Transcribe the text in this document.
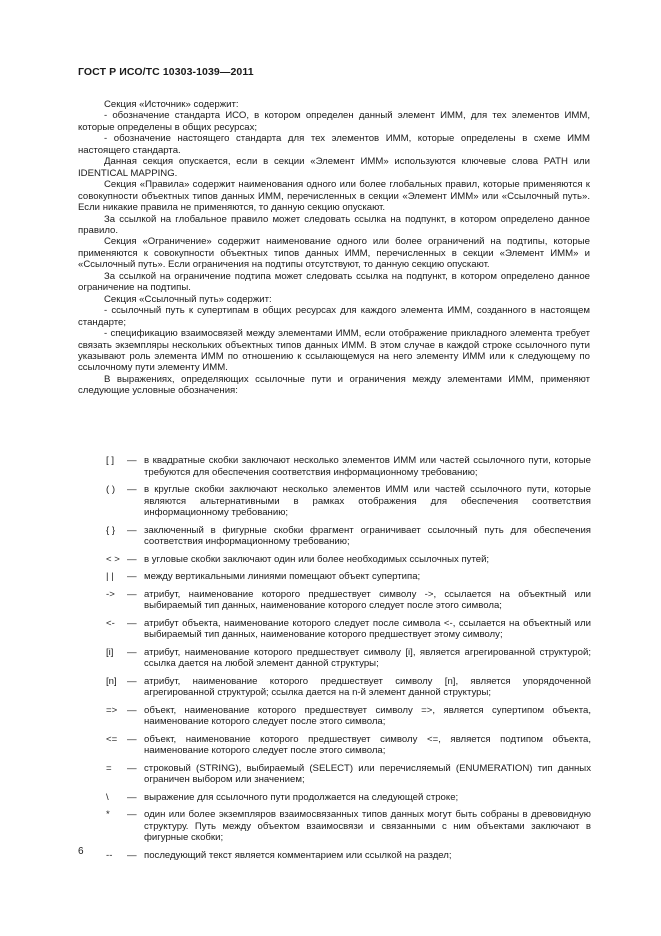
ГОСТ Р ИСО/ТС 10303-1039—2011

Секция «Источник» содержит:

- обозначение стандарта ИСО, в котором определен данный элемент ИММ, для тех элементов ИММ, которые определены в общих ресурсах;

- обозначение настоящего стандарта для тех элементов ИММ, которые определены в схеме ИММ настоящего стандарта.

Данная секция опускается, если в секции «Элемент ИММ» используются ключевые слова PATH или IDENTICAL MAPPING.

Секция «Правила» содержит наименования одного или более глобальных правил, которые применяются к совокупности объектных типов данных ИММ, перечисленных в секции «Элемент ИММ» или «Ссылочный путь». Если никакие правила не применяются, то данную секцию опускают.

За ссылкой на глобальное правило может следовать ссылка на подпункт, в котором определено данное правило.

Секция «Ограничение» содержит наименование одного или более ограничений на подтипы, которые применяются к совокупности объектных типов данных ИММ, перечисленных в секции «Элемент ИММ» и «Ссылочный путь». Если ограничения на подтипы отсутствуют, то данную секцию опускают.

За ссылкой на ограничение подтипа может следовать ссылка на подпункт, в котором определено данное ограничение на подтипы.

Секция «Ссылочный путь» содержит:

- ссылочный путь к супертипам в общих ресурсах для каждого элемента ИММ, созданного в настоящем стандарте;

- спецификацию взаимосвязей между элементами ИММ, если отображение прикладного элемента требует связать экземпляры нескольких объектных типов данных ИММ. В этом случае в каждой строке ссылочного пути указывают роль элемента ИММ по отношению к ссылающемуся на него элементу ИММ или к следующему по ссылочному пути элементу ИММ.

В выражениях, определяющих ссылочные пути и ограничения между элементами ИММ, применяют следующие условные обозначения:

[ ] — в квадратные скобки заключают несколько элементов ИММ или частей ссылочного пути, которые требуются для обеспечения соответствия информационному требованию;
( ) — в круглые скобки заключают несколько элементов ИММ или частей ссылочного пути, которые являются альтернативными в рамках отображения для обеспечения соответствия информационному требованию;
{ } — заключенный в фигурные скобки фрагмент ограничивает ссылочный путь для обеспечения соответствия информационному требованию;
< > — в угловые скобки заключают один или более необходимых ссылочных путей;
| | — между вертикальными линиями помещают объект супертипа;
-> — атрибут, наименование которого предшествует символу ->, ссылается на объектный или выбираемый тип данных, наименование которого следует после этого символа;
<- — атрибут объекта, наименование которого следует после символа <-, ссылается на объектный или выбираемый тип данных, наименование которого предшествует этому символу;
[i] — атрибут, наименование которого предшествует символу [i], является агрегированной структурой; ссылка дается на любой элемент данной структуры;
[n] — атрибут, наименование которого предшествует символу [n], является упорядоченной агрегированной структурой; ссылка дается на n-й элемент данной структуры;
=> — объект, наименование которого предшествует символу =>, является супертипом объекта, наименование которого следует после этого символа;
<= — объект, наименование которого предшествует символу <=, является подтипом объекта, наименование которого следует после этого символа;
= — строковый (STRING), выбираемый (SELECT) или перечисляемый (ENUMERATION) тип данных ограничен выбором или значением;
\ — выражение для ссылочного пути продолжается на следующей строке;
* — один или более экземпляров взаимосвязанных типов данных могут быть собраны в древовидную структуру. Путь между объектом взаимосвязи и связанными с ним объектами заключают в фигурные скобки;
-- — последующий текст является комментарием или ссылкой на раздел;
6
